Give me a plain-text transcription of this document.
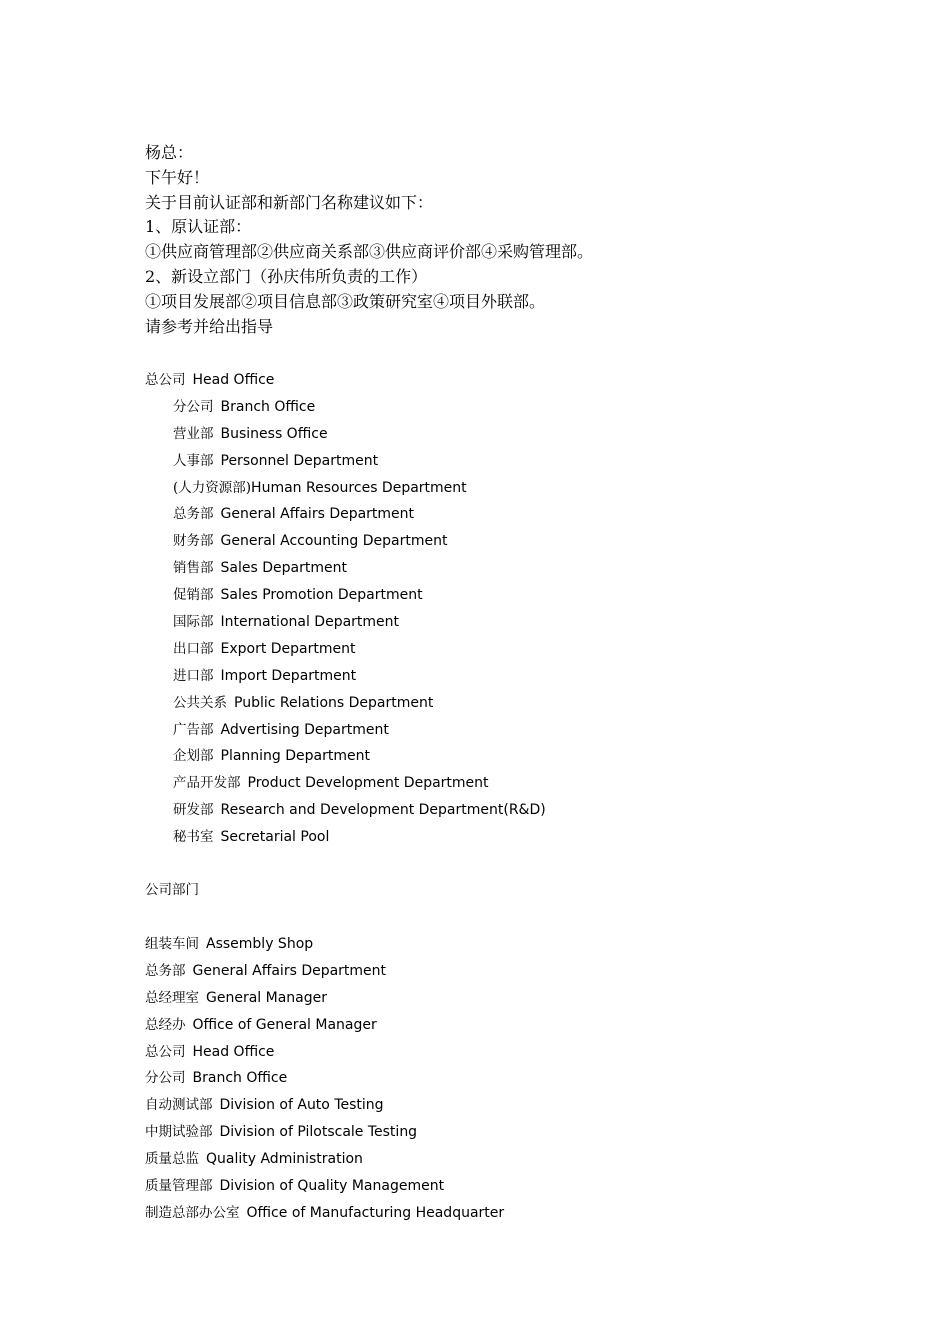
杨总：

下午好！

关于目前认证部和新部门名称建议如下：

1、原认证部：

①供应商管理部②供应商关系部③供应商评价部④采购管理部。

2、新设立部门（孙庆伟所负责的工作）

①项目发展部②项目信息部③政策研究室④项目外联部。

请参考并给出指导

总公司 Head Office
分公司 Branch Office
营业部 Business Office
人事部 Personnel Department
(人力资源部)Human Resources Department
总务部 General Affairs Department
财务部 General Accounting Department
销售部 Sales Department
促销部 Sales Promotion Department
国际部 International Department
出口部 Export Department
进口部 Import Department
公共关系 Public Relations Department
广告部 Advertising Department
企划部 Planning Department
产品开发部 Product Development Department
研发部 Research and Development Department(R&D)
秘书室 Secretarial Pool
公司部门
组装车间 Assembly Shop
总务部 General Affairs Department
总经理室 General Manager
总经办 Office of General Manager
总公司 Head Office
分公司 Branch Office
自动测试部 Division of Auto Testing
中期试验部 Division of Pilotscale Testing
质量总监 Quality Administration
质量管理部 Division of Quality Management
制造总部办公室 Office of Manufacturing Headquarter
